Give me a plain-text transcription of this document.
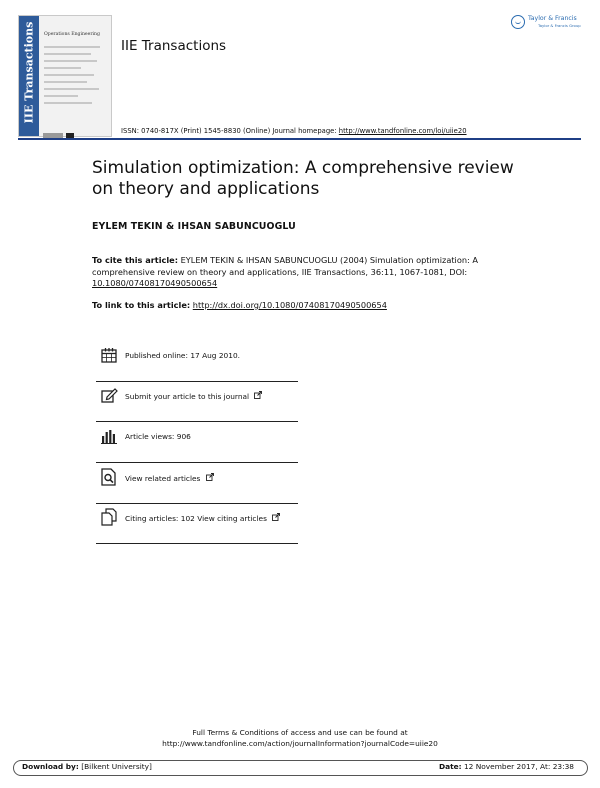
IIE Transactions Operations Engineering
IIE Transactions
Taylor & Francis
Taylor & Francis Group
ISSN: 0740-817X (Print) 1545-8830 (Online) Journal homepage: http://www.tandfonline.com/loi/uiie20
Simulation optimization: A comprehensive review on theory and applications
EYLEM TEKIN & IHSAN SABUNCUOGLU
To cite this article: EYLEM TEKIN & IHSAN SABUNCUOGLU (2004) Simulation optimization: A comprehensive review on theory and applications, IIE Transactions, 36:11, 1067-1081, DOI: 10.1080/07408170490500654
To link to this article: http://dx.doi.org/10.1080/07408170490500654
Published online: 17 Aug 2010.
Submit your article to this journal
Article views: 906
View related articles
Citing articles: 102 View citing articles
Full Terms & Conditions of access and use can be found at
http://www.tandfonline.com/action/journalInformation?journalCode=uiie20
Download by: [Bilkent University]	Date: 12 November 2017, At: 23:38
